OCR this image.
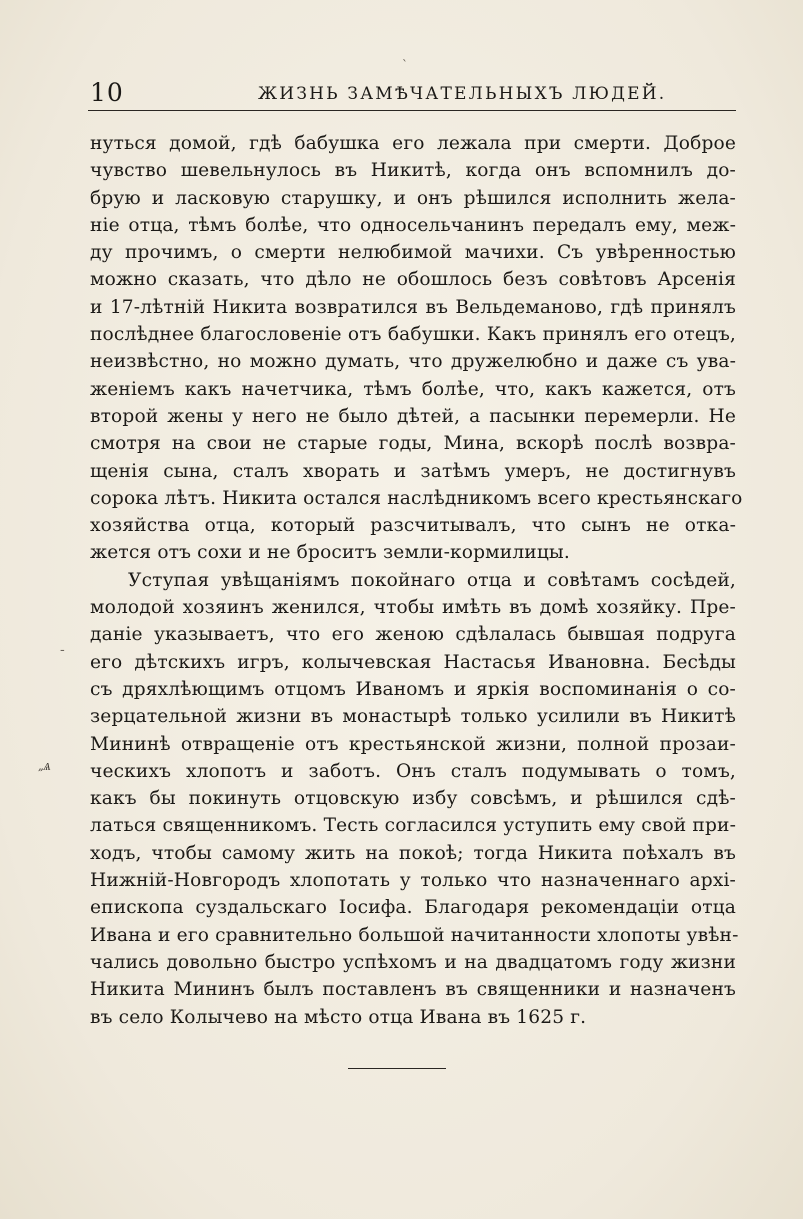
ˋ
10	ЖИЗНЬ ЗАМѢЧАТЕЛЬНЫХЪ ЛЮДЕЙ.
-
„Ѧ
нуться домой, гдѣ бабушка его лежала при смерти. Доброе
чувство шевельнулось въ Никитѣ, когда онъ вспомнилъ до-
брую и ласковую старушку, и онъ рѣшился исполнить жела-
ніе отца, тѣмъ болѣе, что односельчанинъ передалъ ему, меж-
ду прочимъ, о смерти нелюбимой мачихи. Съ увѣренностью
можно сказать, что дѣло не обошлось безъ совѣтовъ Арсенія
и 17-лѣтній Никита возвратился въ Вельдеманово, гдѣ принялъ
послѣднее благословеніе отъ бабушки. Какъ принялъ его отецъ,
неизвѣстно, но можно думать, что дружелюбно и даже съ ува-
женіемъ какъ начетчика, тѣмъ болѣе, что, какъ кажется, отъ
второй жены у него не было дѣтей, а пасынки перемерли. Не
смотря на свои не старые годы, Мина, вскорѣ послѣ возвра-
щенія сына, сталъ хворать и затѣмъ умеръ, не достигнувъ
сорока лѣтъ. Никита остался наслѣдникомъ всего крестьянскаго
хозяйства отца, который разсчитывалъ, что сынъ не отка-
жется отъ сохи и не броситъ земли-кормилицы.
Уступая увѣщаніямъ покойнаго отца и совѣтамъ сосѣдей,
молодой хозяинъ женился, чтобы имѣть въ домѣ хозяйку. Пре-
даніе указываетъ, что его женою сдѣлалась бывшая подруга
его дѣтскихъ игръ, колычевская Настасья Ивановна. Бесѣды
съ дряхлѣющимъ отцомъ Иваномъ и яркія воспоминанія о со-
зерцательной жизни въ монастырѣ только усилили въ Никитѣ
Мининѣ отвращеніе отъ крестьянской жизни, полной прозаи-
ческихъ хлопотъ и заботъ. Онъ сталъ подумывать о томъ,
какъ бы покинуть отцовскую избу совсѣмъ, и рѣшился сдѣ-
латься священникомъ. Тесть согласился уступить ему свой при-
ходъ, чтобы самому жить на покоѣ; тогда Никита поѣхалъ въ
Нижній-Новгородъ хлопотать у только что назначеннаго архі-
епископа суздальскаго Іосифа. Благодаря рекомендаціи отца
Ивана и его сравнительно большой начитанности хлопоты увѣн-
чались довольно быстро успѣхомъ и на двадцатомъ году жизни
Никита Мининъ былъ поставленъ въ священники и назначенъ
въ село Колычево на мѣсто отца Ивана въ 1625 г.
